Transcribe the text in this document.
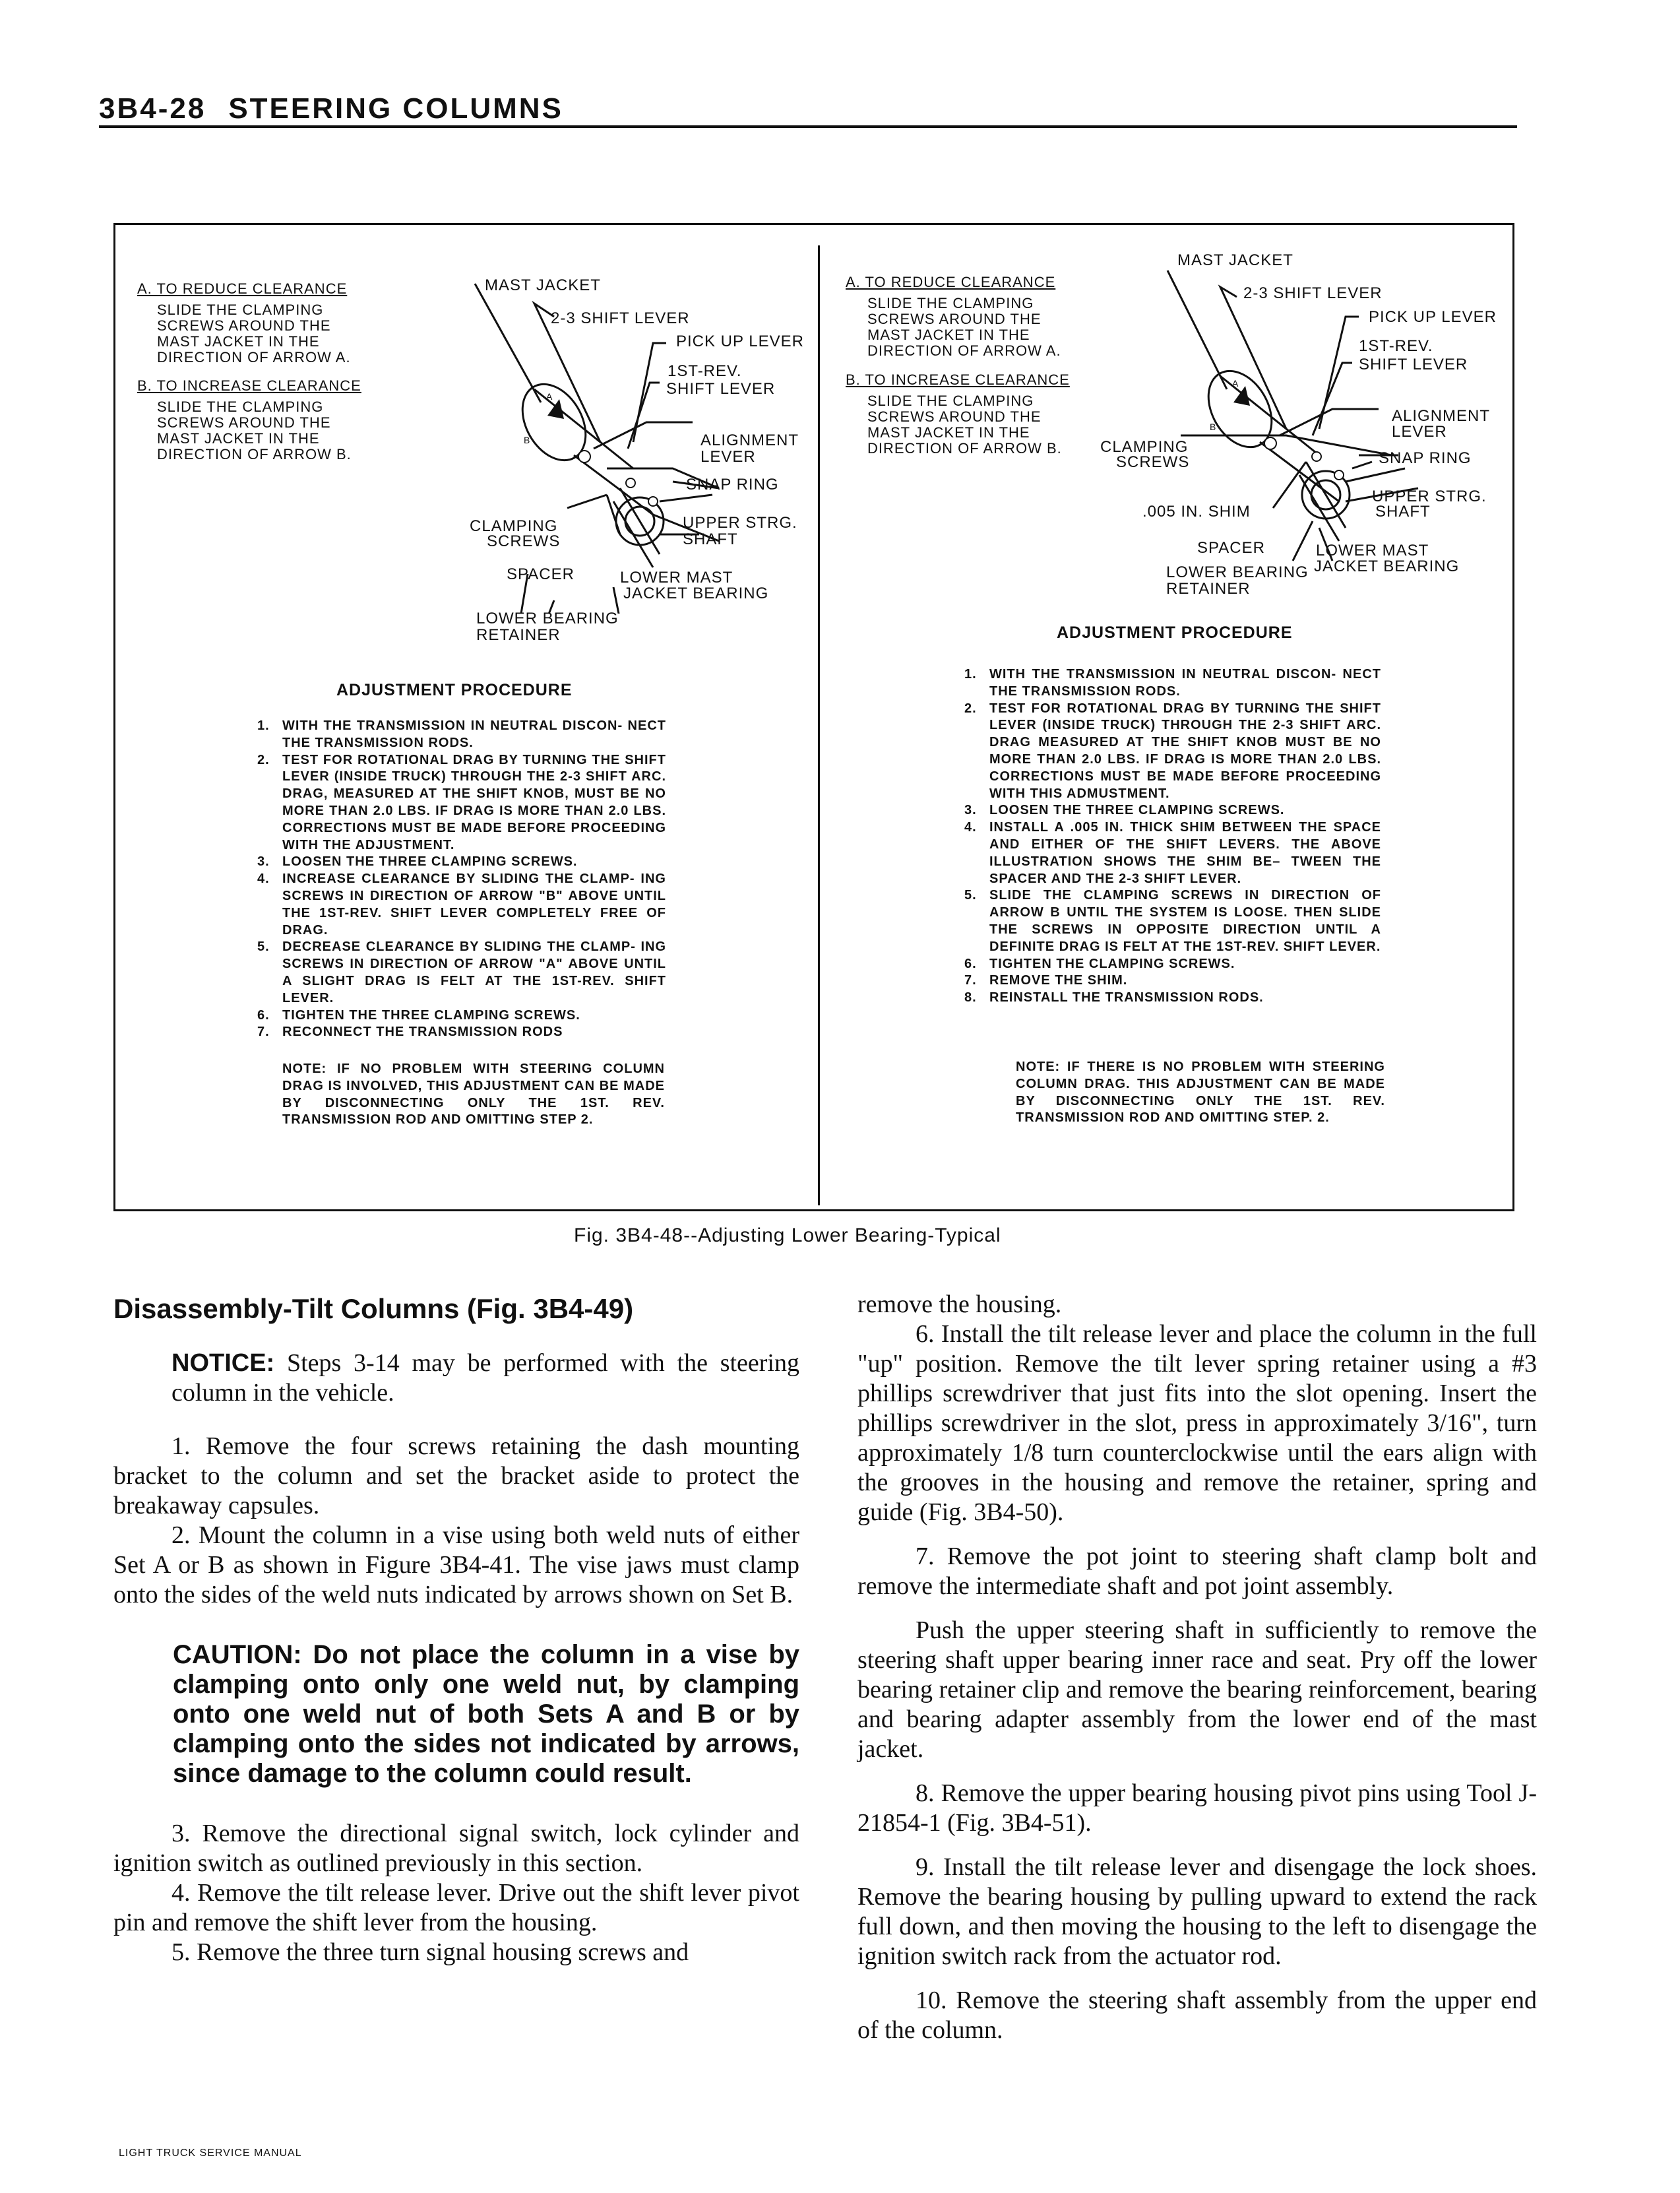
3B4-28 STEERING COLUMNS
A. TO REDUCE CLEARANCE
SLIDE THE CLAMPING
SCREWS AROUND THE
MAST JACKET IN THE
DIRECTION OF ARROW A.
B. TO INCREASE CLEARANCE
SLIDE THE CLAMPING
SCREWS AROUND THE
MAST JACKET IN THE
DIRECTION OF ARROW B.
A
B
MAST JACKET
2-3 SHIFT LEVER
PICK UP LEVER
1ST-REV.
SHIFT LEVER
ALIGNMENT
LEVER
SNAP RING
CLAMPING
SCREWS
UPPER STRG.
SHAFT
SPACER	LOWER MAST
JACKET BEARING
LOWER BEARING
RETAINER
ADJUSTMENT PROCEDURE
1. WITH THE TRANSMISSION IN NEUTRAL DISCON- NECT THE TRANSMISSION RODS.
2. TEST FOR ROTATIONAL DRAG BY TURNING THE SHIFT LEVER (INSIDE TRUCK) THROUGH THE 2-3 SHIFT ARC. DRAG, MEASURED AT THE SHIFT KNOB, MUST BE NO MORE THAN 2.0 LBS. IF DRAG IS MORE THAN 2.0 LBS. CORRECTIONS MUST BE MADE BEFORE PROCEEDING WITH THE ADJUSTMENT.
3. LOOSEN THE THREE CLAMPING SCREWS.
4. INCREASE CLEARANCE BY SLIDING THE CLAMP- ING SCREWS IN DIRECTION OF ARROW "B" ABOVE UNTIL THE 1ST-REV. SHIFT LEVER COMPLETELY FREE OF DRAG.
5. DECREASE CLEARANCE BY SLIDING THE CLAMP- ING SCREWS IN DIRECTION OF ARROW "A" ABOVE UNTIL A SLIGHT DRAG IS FELT AT THE 1ST-REV. SHIFT LEVER.
6. TIGHTEN THE THREE CLAMPING SCREWS.
7. RECONNECT THE TRANSMISSION RODS
NOTE: IF NO PROBLEM WITH STEERING COLUMN DRAG IS INVOLVED, THIS ADJUSTMENT CAN BE MADE BY DISCONNECTING ONLY THE 1ST. REV. TRANSMISSION ROD AND OMITTING STEP 2.
A. TO REDUCE CLEARANCE
SLIDE THE CLAMPING
SCREWS AROUND THE
MAST JACKET IN THE
DIRECTION OF ARROW A.
B. TO INCREASE CLEARANCE
SLIDE THE CLAMPING
SCREWS AROUND THE
MAST JACKET IN THE
DIRECTION OF ARROW B.
A
B
MAST JACKET
2-3 SHIFT LEVER
PICK UP LEVER
1ST-REV.
SHIFT LEVER
ALIGNMENT
LEVER
CLAMPING
SCREWS	SNAP RING
UPPER STRG.
SHAFT
.005 IN. SHIM
SPACER	LOWER MAST
JACKET BEARING
LOWER BEARING
RETAINER
ADJUSTMENT PROCEDURE
1. WITH THE TRANSMISSION IN NEUTRAL DISCON- NECT THE TRANSMISSION RODS.
2. TEST FOR ROTATIONAL DRAG BY TURNING THE SHIFT LEVER (INSIDE TRUCK) THROUGH THE 2-3 SHIFT ARC. DRAG MEASURED AT THE SHIFT KNOB MUST BE NO MORE THAN 2.0 LBS. IF DRAG IS MORE THAN 2.0 LBS. CORRECTIONS MUST BE MADE BEFORE PROCEEDING WITH THIS ADMUSTMENT.
3. LOOSEN THE THREE CLAMPING SCREWS.
4. INSTALL A .005 IN. THICK SHIM BETWEEN THE SPACE AND EITHER OF THE SHIFT LEVERS. THE ABOVE ILLUSTRATION SHOWS THE SHIM BE– TWEEN THE SPACER AND THE 2-3 SHIFT LEVER.
5. SLIDE THE CLAMPING SCREWS IN DIRECTION OF ARROW B UNTIL THE SYSTEM IS LOOSE. THEN SLIDE THE SCREWS IN OPPOSITE DIRECTION UNTIL A DEFINITE DRAG IS FELT AT THE 1ST-REV. SHIFT LEVER.
6. TIGHTEN THE CLAMPING SCREWS.
7. REMOVE THE SHIM.
8. REINSTALL THE TRANSMISSION RODS.
NOTE: IF THERE IS NO PROBLEM WITH STEERING COLUMN DRAG. THIS ADJUSTMENT CAN BE MADE BY DISCONNECTING ONLY THE 1ST. REV. TRANSMISSION ROD AND OMITTING STEP. 2.
Fig. 3B4-48--Adjusting Lower Bearing-Typical
Disassembly-Tilt Columns (Fig. 3B4-49)

NOTICE: Steps 3-14 may be performed with the steering column in the vehicle.

1. Remove the four screws retaining the dash mounting bracket to the column and set the bracket aside to protect the breakaway capsules.

2. Mount the column in a vise using both weld nuts of either Set A or B as shown in Figure 3B4-41. The vise jaws must clamp onto the sides of the weld nuts indicated by arrows shown on Set B.

CAUTION: Do not place the column in a vise by clamping onto only one weld nut, by clamping onto one weld nut of both Sets A and B or by clamping onto the sides not indicated by arrows, since damage to the column could result.

3. Remove the directional signal switch, lock cylinder and ignition switch as outlined previously in this section.

4. Remove the tilt release lever. Drive out the shift lever pivot pin and remove the shift lever from the housing.

5. Remove the three turn signal housing screws and

remove the housing.

6. Install the tilt release lever and place the column in the full "up" position. Remove the tilt lever spring retainer using a #3 phillips screwdriver that just fits into the slot opening. Insert the phillips screwdriver in the slot, press in approximately 3/16", turn approximately 1/8 turn counterclockwise until the ears align with the grooves in the housing and remove the retainer, spring and guide (Fig. 3B4-50).

7. Remove the pot joint to steering shaft clamp bolt and remove the intermediate shaft and pot joint assembly.

Push the upper steering shaft in sufficiently to remove the steering shaft upper bearing inner race and seat. Pry off the lower bearing retainer clip and remove the bearing reinforcement, bearing and bearing adapter assembly from the lower end of the mast jacket.

8. Remove the upper bearing housing pivot pins using Tool J-21854-1 (Fig. 3B4-51).

9. Install the tilt release lever and disengage the lock shoes. Remove the bearing housing by pulling upward to extend the rack full down, and then moving the housing to the left to disengage the ignition switch rack from the actuator rod.

10. Remove the steering shaft assembly from the upper end of the column.

LIGHT TRUCK SERVICE MANUAL
